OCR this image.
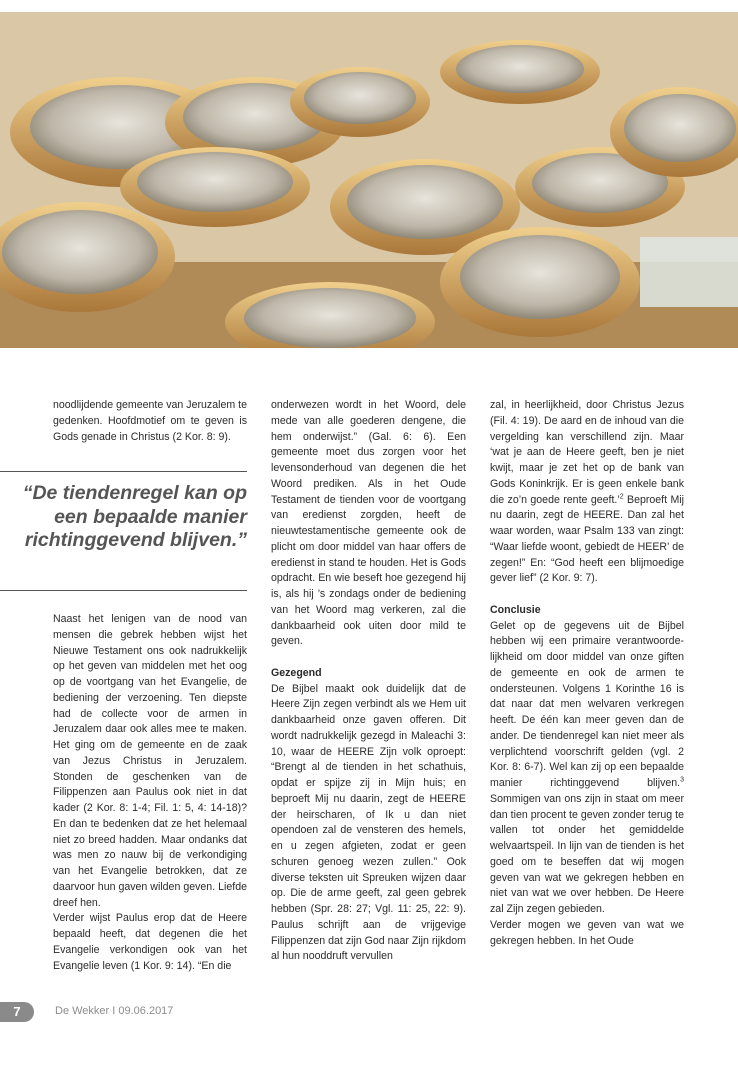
noodlijdende gemeente van Jeruzalem te gedenken. Hoofdmotief om te geven is Gods genade in Christus (2 Kor. 8: 9).

“De tiendenregel kan op een bepaalde manier richtinggevend blijven.”

Naast het lenigen van de nood van mensen die gebrek hebben wijst het Nieuwe Testament ons ook nadrukkelijk op het geven van middelen met het oog op de voortgang van het Evangelie, de bediening der verzoening. Ten diepste had de collecte voor de armen in Jeruzalem daar ook alles mee te maken. Het ging om de gemeente en de zaak van Jezus Christus in Jeruzalem. Stonden de geschenken van de Filippenzen aan Paulus ook niet in dat kader (2 Kor. 8: 1-4; Fil. 1: 5, 4: 14-18)? En dan te bedenken dat ze het helemaal niet zo breed hadden. Maar ondanks dat was men zo nauw bij de verkondiging van het Evangelie betrokken, dat ze daarvoor hun gaven wilden geven. Liefde dreef hen.

Verder wijst Paulus erop dat de Heere bepaald heeft, dat degenen die het Evangelie verkondigen ook van het Evangelie leven (1 Kor. 9: 14). “En die

onderwezen wordt in het Woord, dele mede van alle goederen dengene, die hem onderwijst.” (Gal. 6: 6). Een gemeente moet dus zorgen voor het levensonderhoud van degenen die het Woord prediken. Als in het Oude Testament de tienden voor de voortgang van eredienst zorgden, heeft de nieuwtestamentische gemeente ook de plicht om door middel van haar offers de eredienst in stand te houden. Het is Gods opdracht. En wie beseft hoe gezegend hij is, als hij ’s zondags onder de bediening van het Woord mag verkeren, zal die dankbaarheid ook uiten door mild te geven.

Gezegend

De Bijbel maakt ook duidelijk dat de Heere Zijn zegen verbindt als we Hem uit dankbaarheid onze gaven offeren. Dit wordt nadrukkelijk gezegd in Maleachi 3: 10, waar de HEERE Zijn volk oproept: “Brengt al de tienden in het schathuis, opdat er spijze zij in Mijn huis; en beproeft Mij nu daarin, zegt de HEERE der heirscharen, of Ik u dan niet opendoen zal de vensteren des hemels, en u zegen afgieten, zodat er geen schuren genoeg wezen zullen.” Ook diverse teksten uit Spreuken wijzen daar op. Die de arme geeft, zal geen gebrek hebben (Spr. 28: 27; Vgl. 11: 25, 22: 9). Paulus schrijft aan de vrijgevige Filippenzen dat zijn God naar Zijn rijkdom al hun nooddruft vervullen

zal, in heerlijkheid, door Christus Jezus (Fil. 4: 19). De aard en de inhoud van die vergelding kan verschillend zijn. Maar ‘wat je aan de Heere geeft, ben je niet kwijt, maar je zet het op de bank van Gods Koninkrijk. Er is geen enkele bank die zo’n goede rente geeft.’$^2$ Beproeft Mij nu daarin, zegt de HEERE. Dan zal het waar worden, waar Psalm 133 van zingt: “Waar liefde woont, gebiedt de HEER’ de zegen!” En: “God heeft een blijmoedige gever lief” (2 Kor. 9: 7).

Conclusie

Gelet op de gegevens uit de Bijbel hebben wij een primaire verantwoorde-lijkheid om door middel van onze giften de gemeente en ook de armen te ondersteunen. Volgens 1 Korinthe 16 is dat naar dat men welvaren verkregen heeft. De één kan meer geven dan de ander. De tiendenregel kan niet meer als verplichtend voorschrift gelden (vgl. 2 Kor. 8: 6-7). Wel kan zij op een bepaalde manier richtinggevend blijven.$^3$ Sommigen van ons zijn in staat om meer dan tien procent te geven zonder terug te vallen tot onder het gemiddelde welvaartspeil. In lijn van de tienden is het goed om te beseffen dat wij mogen geven van wat we gekregen hebben en niet van wat we over hebben. De Heere zal Zijn zegen gebieden.

Verder mogen we geven van wat we gekregen hebben. In het Oude

7	De Wekker I 09.06.2017
